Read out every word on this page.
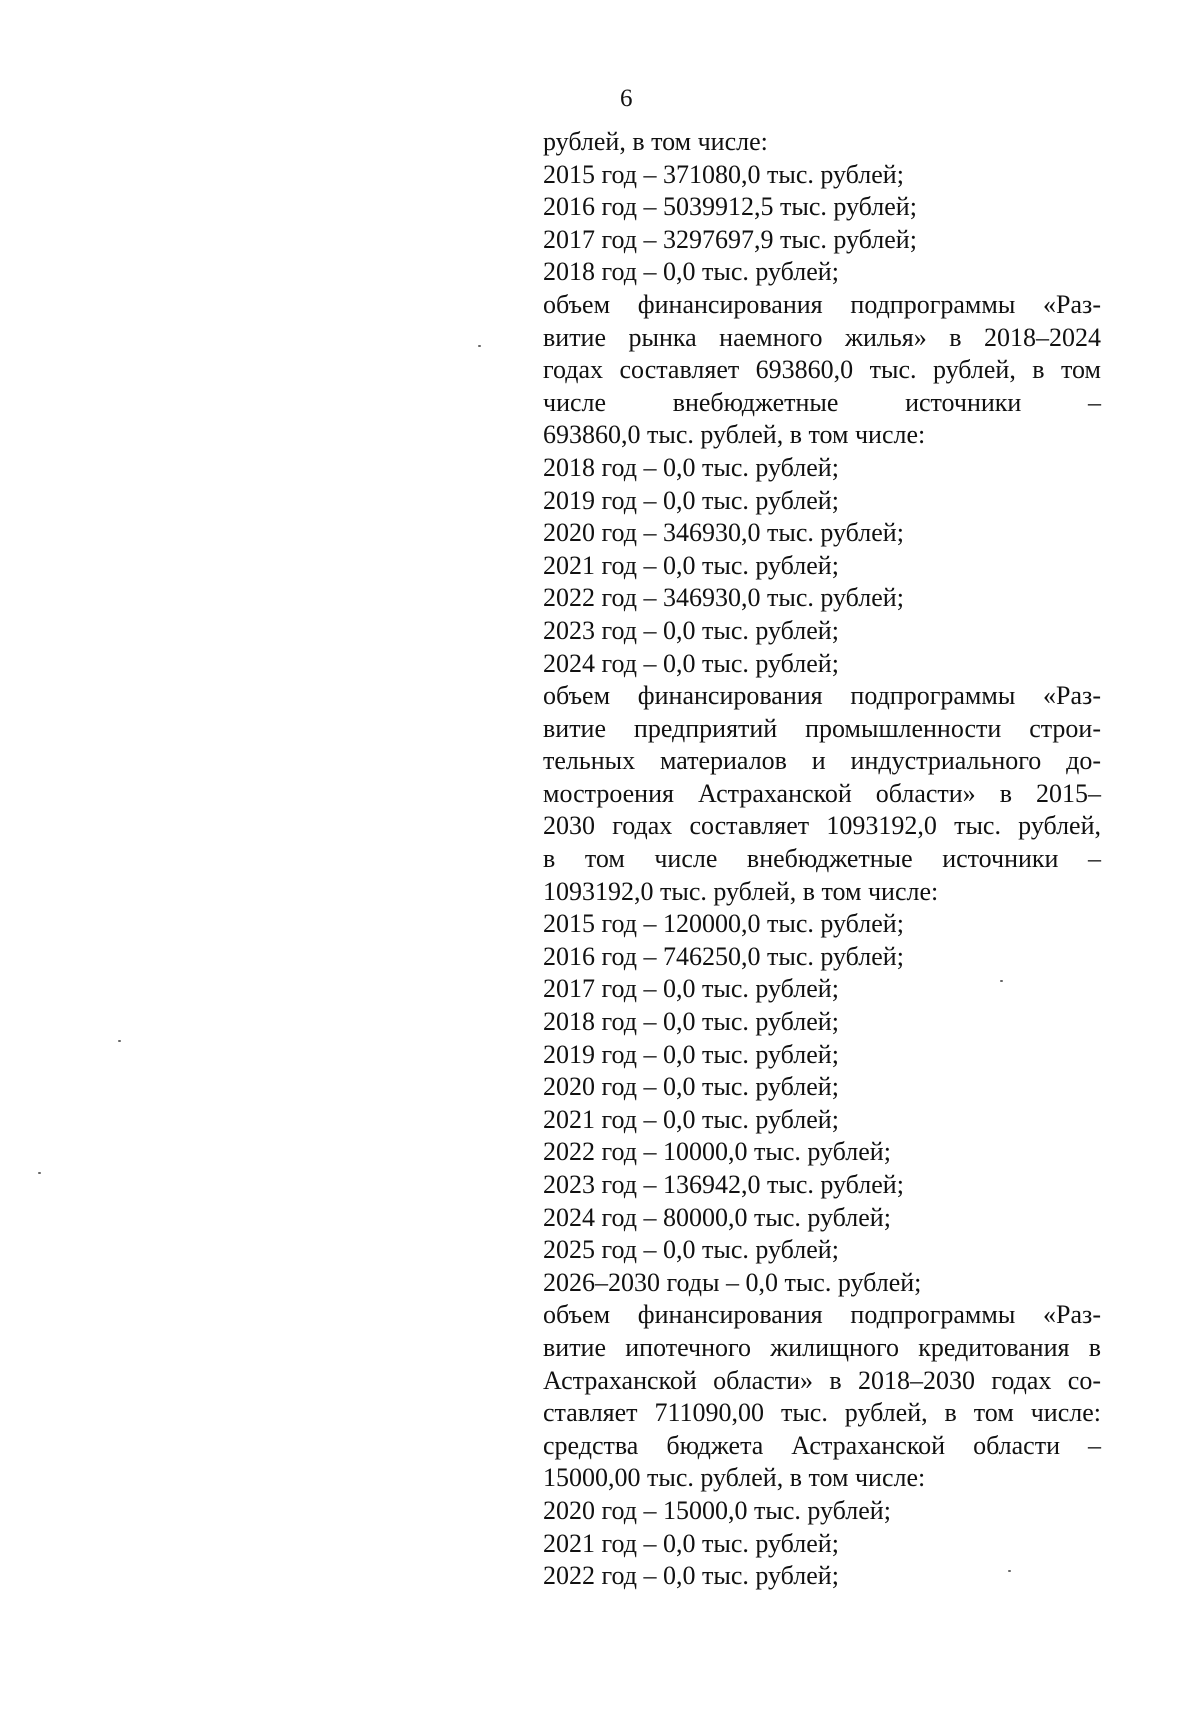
6
рублей, в том числе:
2015 год – 371080,0 тыс. рублей;
2016 год – 5039912,5 тыс. рублей;
2017 год – 3297697,9 тыс. рублей;
2018 год – 0,0 тыс. рублей;
объем финансирования подпрограммы «Раз-
витие рынка наемного жилья» в 2018–2024
годах составляет 693860,0 тыс. рублей, в том
числе внебюджетные источники –
693860,0 тыс. рублей, в том числе:
2018 год – 0,0 тыс. рублей;
2019 год – 0,0 тыс. рублей;
2020 год – 346930,0 тыс. рублей;
2021 год – 0,0 тыс. рублей;
2022 год – 346930,0 тыс. рублей;
2023 год – 0,0 тыс. рублей;
2024 год – 0,0 тыс. рублей;
объем финансирования подпрограммы «Раз-
витие предприятий промышленности строи-
тельных материалов и индустриального до-
мостроения Астраханской области» в 2015–
2030 годах составляет 1093192,0 тыс. рублей,
в том числе внебюджетные источники –
1093192,0 тыс. рублей, в том числе:
2015 год – 120000,0 тыс. рублей;
2016 год – 746250,0 тыс. рублей;
2017 год – 0,0 тыс. рублей;
2018 год – 0,0 тыс. рублей;
2019 год – 0,0 тыс. рублей;
2020 год – 0,0 тыс. рублей;
2021 год – 0,0 тыс. рублей;
2022 год – 10000,0 тыс. рублей;
2023 год – 136942,0 тыс. рублей;
2024 год – 80000,0 тыс. рублей;
2025 год – 0,0 тыс. рублей;
2026–2030 годы – 0,0 тыс. рублей;
объем финансирования подпрограммы «Раз-
витие ипотечного жилищного кредитования в
Астраханской области» в 2018–2030 годах со-
ставляет 711090,00 тыс. рублей, в том числе:
средства бюджета Астраханской области –
15000,00 тыс. рублей, в том числе:
2020 год – 15000,0 тыс. рублей;
2021 год – 0,0 тыс. рублей;
2022 год – 0,0 тыс. рублей;
